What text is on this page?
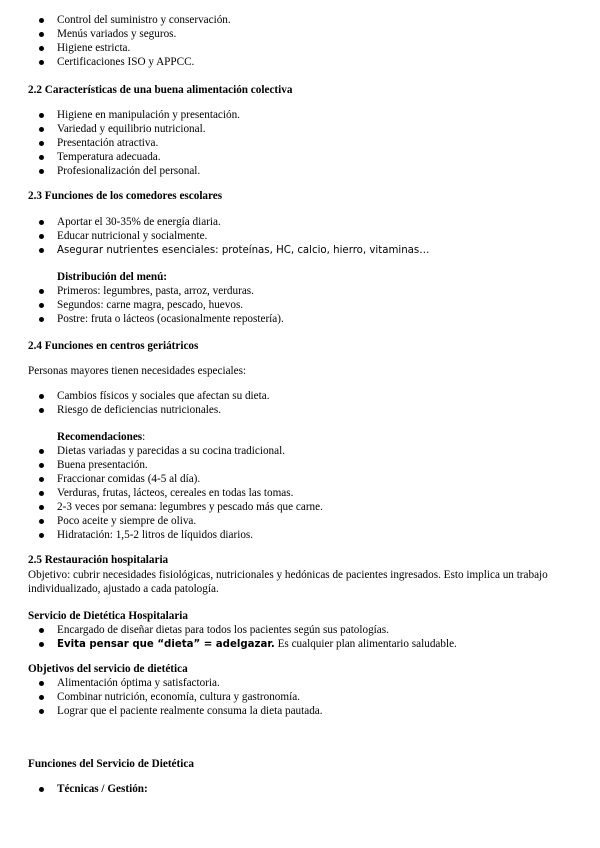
Control del suministro y conservación.
Menús variados y seguros.
Higiene estricta.
Certificaciones ISO y APPCC.
2.2 Características de una buena alimentación colectiva
Higiene en manipulación y presentación.
Variedad y equilibrio nutricional.
Presentación atractiva.
Temperatura adecuada.
Profesionalización del personal.
2.3 Funciones de los comedores escolares
Aportar el 30-35% de energía diaria.
Educar nutricional y socialmente.
Asegurar nutrientes esenciales: proteínas, HC, calcio, hierro, vitaminas…
Distribución del menú:
Primeros: legumbres, pasta, arroz, verduras.
Segundos: carne magra, pescado, huevos.
Postre: fruta o lácteos (ocasionalmente repostería).
2.4 Funciones en centros geriátricos
Personas mayores tienen necesidades especiales:
Cambios físicos y sociales que afectan su dieta.
Riesgo de deficiencias nutricionales.
Recomendaciones:
Dietas variadas y parecidas a su cocina tradicional.
Buena presentación.
Fraccionar comidas (4-5 al día).
Verduras, frutas, lácteos, cereales en todas las tomas.
2-3 veces por semana: legumbres y pescado más que carne.
Poco aceite y siempre de oliva.
Hidratación: 1,5-2 litros de líquidos diarios.
2.5 Restauración hospitalaria
Objetivo: cubrir necesidades fisiológicas, nutricionales y hedónicas de pacientes ingresados. Esto implica un trabajo individualizado, ajustado a cada patología.
Servicio de Dietética Hospitalaria
Encargado de diseñar dietas para todos los pacientes según sus patologías.
Evita pensar que “dieta” = adelgazar. Es cualquier plan alimentario saludable.
Objetivos del servicio de dietética
Alimentación óptima y satisfactoria.
Combinar nutrición, economía, cultura y gastronomía.
Lograr que el paciente realmente consuma la dieta pautada.
Funciones del Servicio de Dietética
Técnicas / Gestión:
